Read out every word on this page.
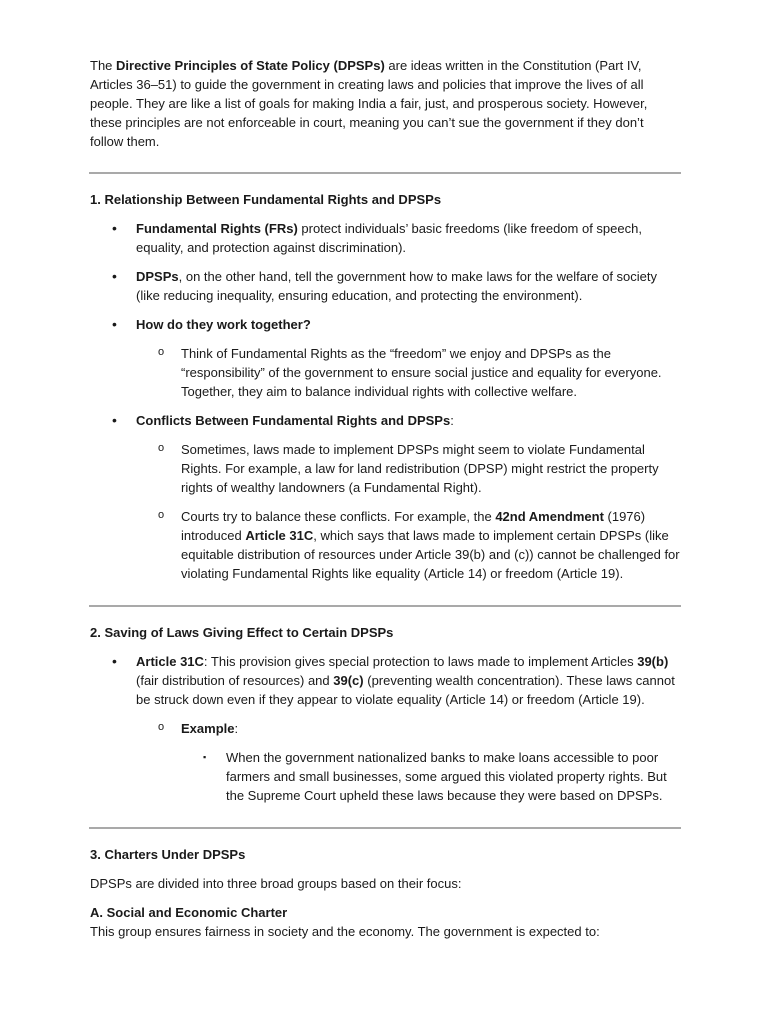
The Directive Principles of State Policy (DPSPs) are ideas written in the Constitution (Part IV, Articles 36–51) to guide the government in creating laws and policies that improve the lives of all people. They are like a list of goals for making India a fair, just, and prosperous society. However, these principles are not enforceable in court, meaning you can’t sue the government if they don’t follow them.

1. Relationship Between Fundamental Rights and DPSPs

• Fundamental Rights (FRs) protect individuals’ basic freedoms (like freedom of speech, equality, and protection against discrimination).
• DPSPs, on the other hand, tell the government how to make laws for the welfare of society (like reducing inequality, ensuring education, and protecting the environment).
• How do they work together?
o Think of Fundamental Rights as the “freedom” we enjoy and DPSPs as the “responsibility” of the government to ensure social justice and equality for everyone. Together, they aim to balance individual rights with collective welfare.
• Conflicts Between Fundamental Rights and DPSPs:
o Sometimes, laws made to implement DPSPs might seem to violate Fundamental Rights. For example, a law for land redistribution (DPSP) might restrict the property rights of wealthy landowners (a Fundamental Right).
o Courts try to balance these conflicts. For example, the 42nd Amendment (1976) introduced Article 31C, which says that laws made to implement certain DPSPs (like equitable distribution of resources under Article 39(b) and (c)) cannot be challenged for violating Fundamental Rights like equality (Article 14) or freedom (Article 19).

2. Saving of Laws Giving Effect to Certain DPSPs

• Article 31C: This provision gives special protection to laws made to implement Articles 39(b) (fair distribution of resources) and 39(c) (preventing wealth concentration). These laws cannot be struck down even if they appear to violate equality (Article 14) or freedom (Article 19).
o Example:
▪ When the government nationalized banks to make loans accessible to poor farmers and small businesses, some argued this violated property rights. But the Supreme Court upheld these laws because they were based on DPSPs.

3. Charters Under DPSPs

DPSPs are divided into three broad groups based on their focus:

A. Social and Economic Charter

This group ensures fairness in society and the economy. The government is expected to:
